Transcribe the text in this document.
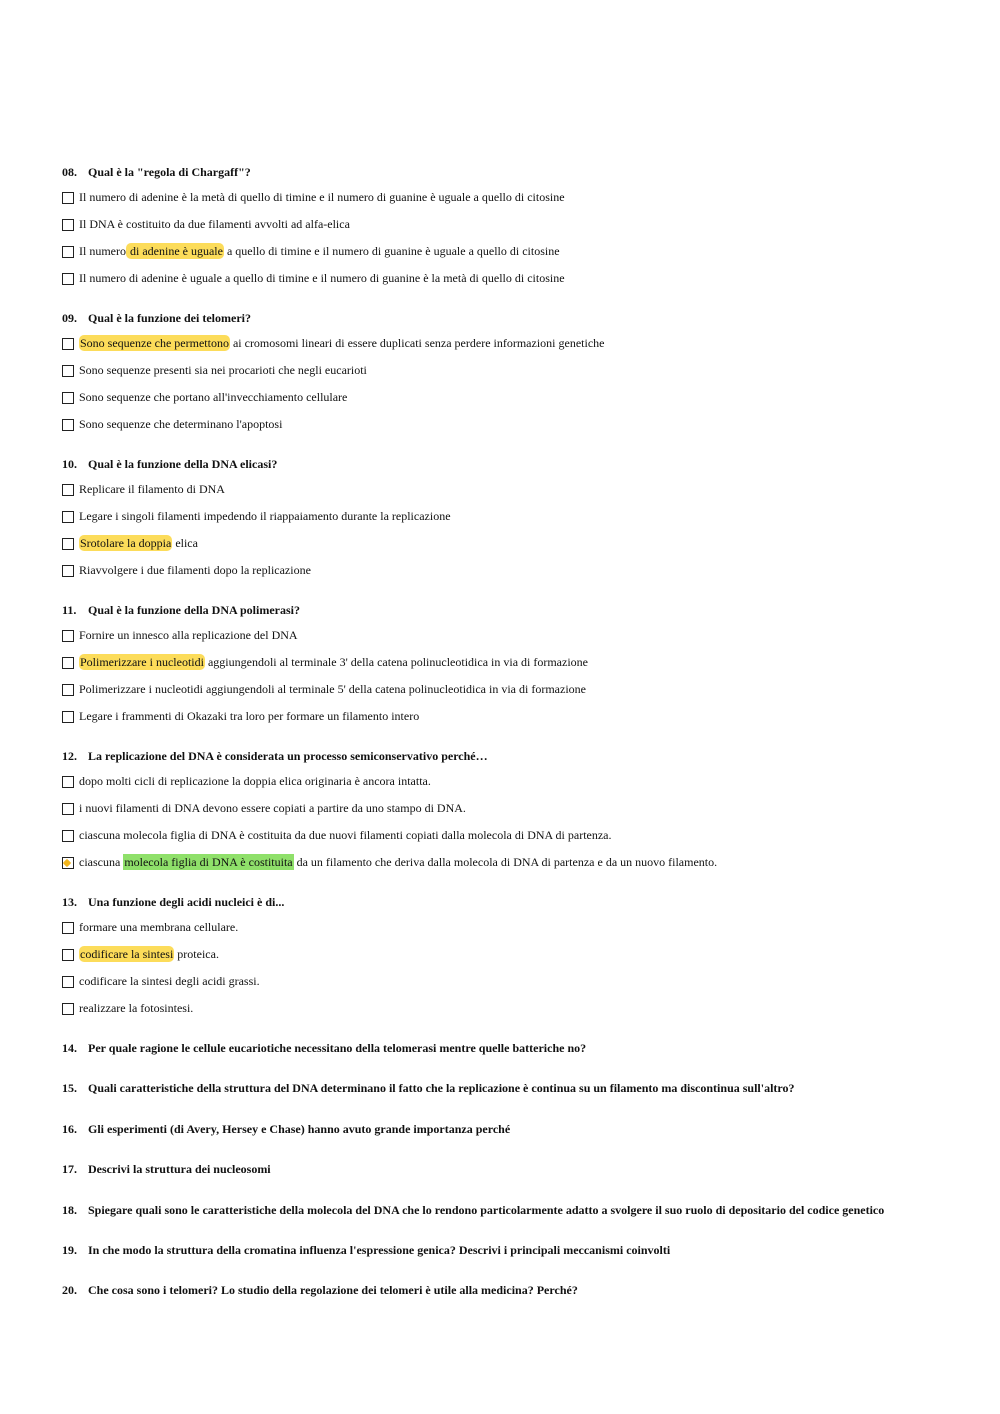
08. Qual è la "regola di Chargaff"?
Il numero di adenine è la metà di quello di timine e il numero di guanine è uguale a quello di citosine
Il DNA è costituito da due filamenti avvolti ad alfa-elica
Il numero di adenine è uguale a quello di timine e il numero di guanine è uguale a quello di citosine
Il numero di adenine è uguale a quello di timine e il numero di guanine è la metà di quello di citosine
09. Qual è la funzione dei telomeri?
Sono sequenze che permettono ai cromosomi lineari di essere duplicati senza perdere informazioni genetiche
Sono sequenze presenti sia nei procarioti che negli eucarioti
Sono sequenze che portano all'invecchiamento cellulare
Sono sequenze che determinano l'apoptosi
10. Qual è la funzione della DNA elicasi?
Replicare il filamento di DNA
Legare i singoli filamenti impedendo il riappaiamento durante la replicazione
Srotolare la doppia elica
Riavvolgere i due filamenti dopo la replicazione
11. Qual è la funzione della DNA polimerasi?
Fornire un innesco alla replicazione del DNA
Polimerizzare i nucleotidi aggiungendoli al terminale 3' della catena polinucleotidica in via di formazione
Polimerizzare i nucleotidi aggiungendoli al terminale 5' della catena polinucleotidica in via di formazione
Legare i frammenti di Okazaki tra loro per formare un filamento intero
12. La replicazione del DNA è considerata un processo semiconservativo perché…
dopo molti cicli di replicazione la doppia elica originaria è ancora intatta.
i nuovi filamenti di DNA devono essere copiati a partire da uno stampo di DNA.
ciascuna molecola figlia di DNA è costituita da due nuovi filamenti copiati dalla molecola di DNA di partenza.
ciascuna molecola figlia di DNA è costituita da un filamento che deriva dalla molecola di DNA di partenza e da un nuovo filamento.
13. Una funzione degli acidi nucleici è di...
formare una membrana cellulare.
codificare la sintesi proteica.
codificare la sintesi degli acidi grassi.
realizzare la fotosintesi.
14. Per quale ragione le cellule eucariotiche necessitano della telomerasi mentre quelle batteriche no?
15. Quali caratteristiche della struttura del DNA determinano il fatto che la replicazione è continua su un filamento ma discontinua sull'altro?
16. Gli esperimenti (di Avery, Hersey e Chase) hanno avuto grande importanza perché
17. Descrivi la struttura dei nucleosomi
18. Spiegare quali sono le caratteristiche della molecola del DNA che lo rendono particolarmente adatto a svolgere il suo ruolo di depositario del codice genetico
19. In che modo la struttura della cromatina influenza l'espressione genica? Descrivi i principali meccanismi coinvolti
20. Che cosa sono i telomeri? Lo studio della regolazione dei telomeri è utile alla medicina? Perché?
